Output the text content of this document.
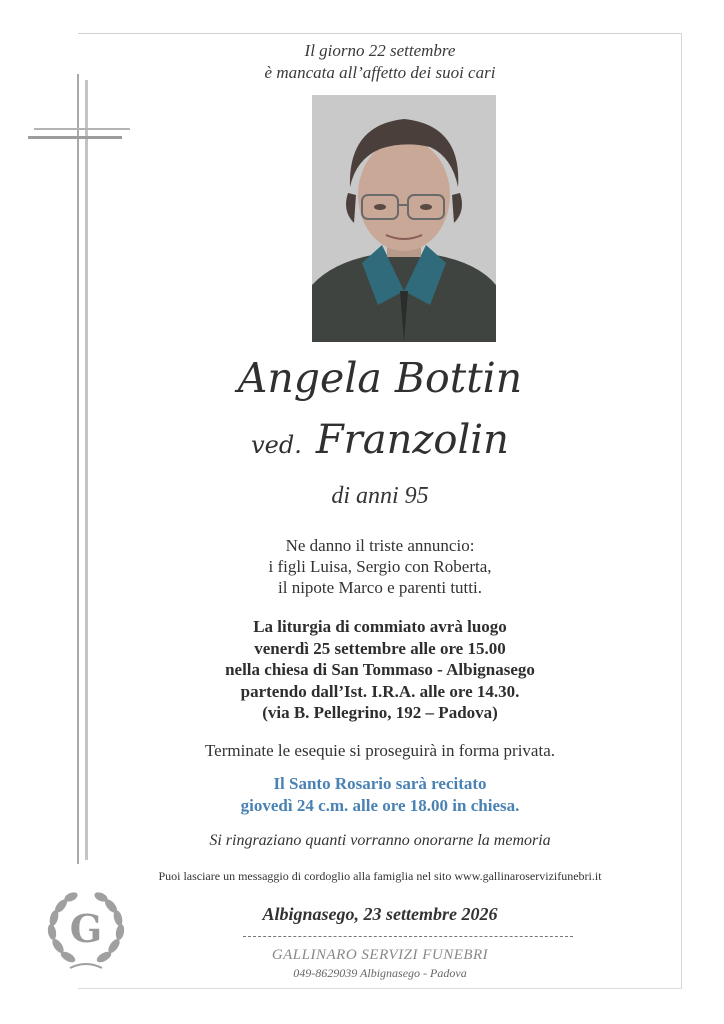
Il giorno 22 settembre
è mancata all’affetto dei suoi cari
Angela Bottin
ved. Franzolin
di anni 95
Ne danno il triste annuncio:
i figli Luisa, Sergio con Roberta,
il nipote Marco e parenti tutti.
La liturgia di commiato avrà luogo
venerdì 25 settembre alle ore 15.00
nella chiesa di San Tommaso - Albignasego
partendo dall’Ist. I.R.A. alle ore 14.30.
(via B. Pellegrino, 192 – Padova)
Terminate le esequie si proseguirà in forma privata.
Il Santo Rosario sarà recitato
giovedì 24 c.m. alle ore 18.00 in chiesa.
Si ringraziano quanti vorranno onorarne la memoria
Puoi lasciare un messaggio di cordoglio alla famiglia nel sito www.gallinaroservizifunebri.it
Albignasego, 23 settembre 2026
GALLINARO SERVIZI FUNEBRI
049-8629039 Albignasego - Padova
G
